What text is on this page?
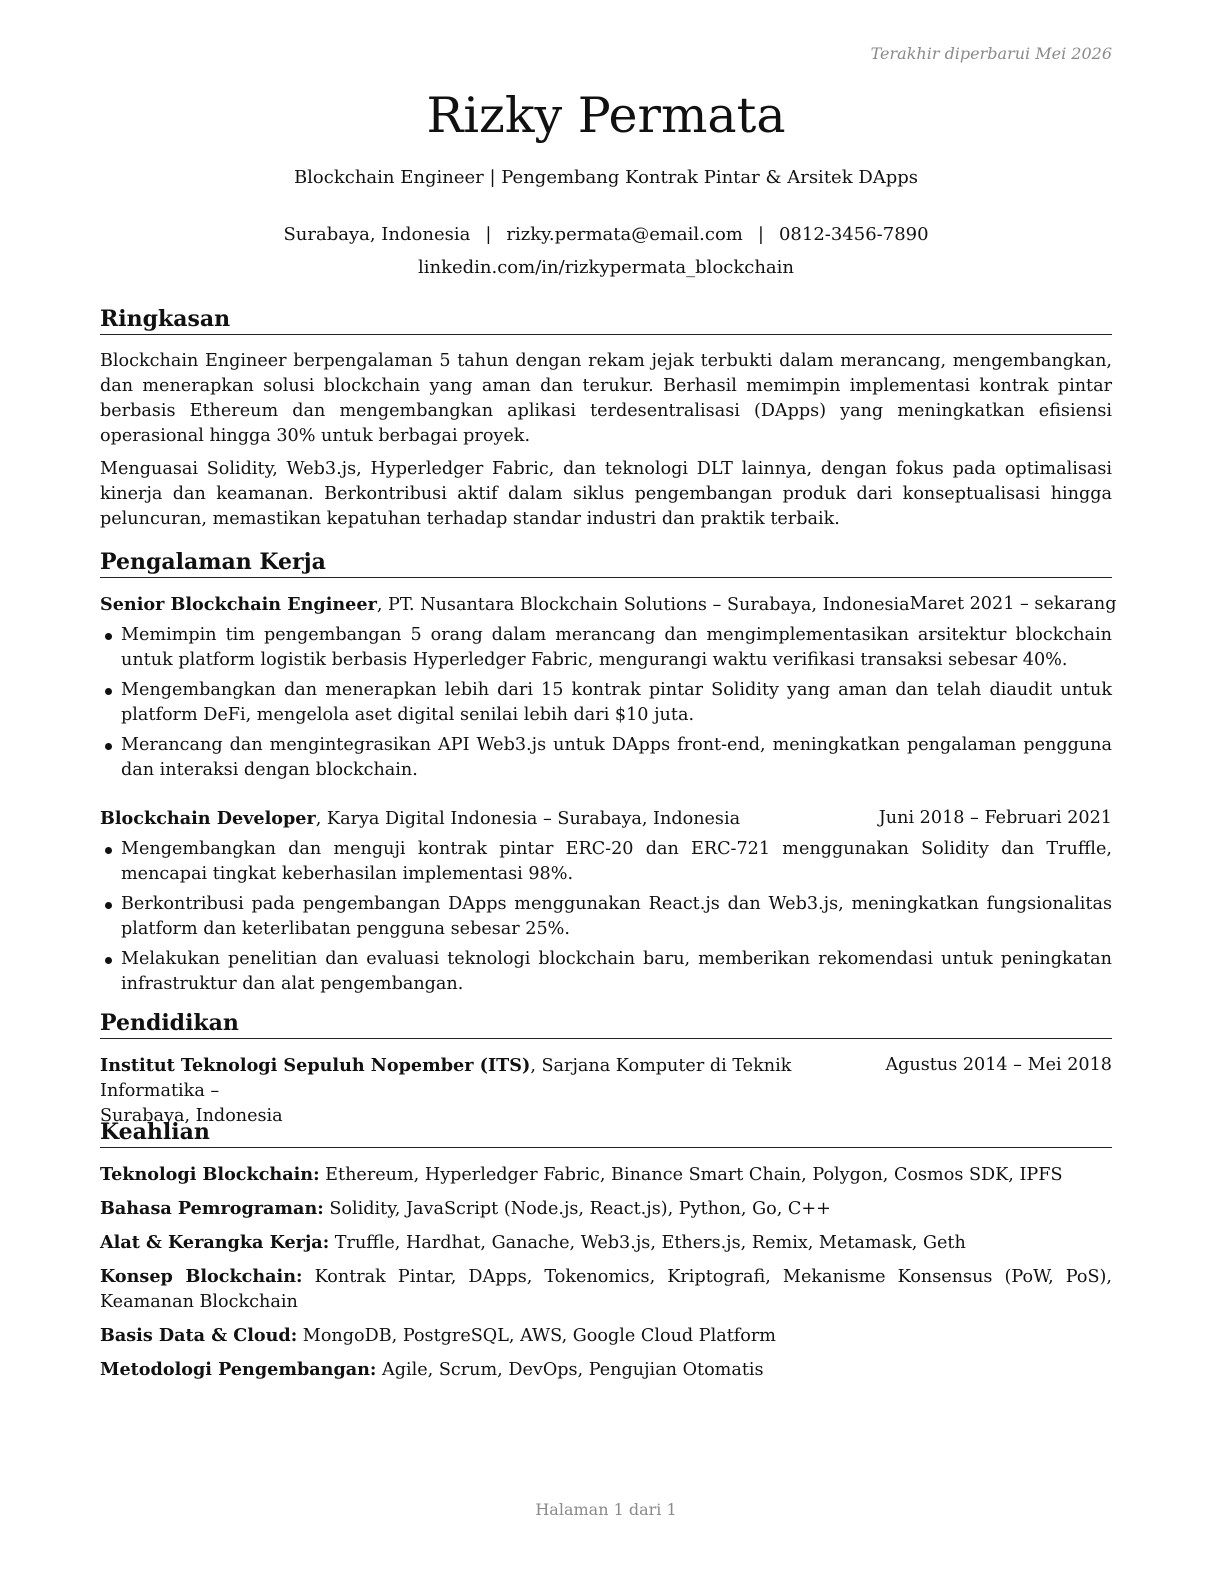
Terakhir diperbarui Mei 2026
Rizky Permata
Blockchain Engineer | Pengembang Kontrak Pintar & Arsitek DApps
Surabaya, Indonesia | rizky.permata@email.com | 0812-3456-7890
linkedin.com/in/rizkypermata_blockchain
Ringkasan

Blockchain Engineer berpengalaman 5 tahun dengan rekam jejak terbukti dalam merancang, mengembangkan, dan menerapkan solusi blockchain yang aman dan terukur. Berhasil memimpin implementasi kontrak pintar berbasis Ethereum dan mengembangkan aplikasi terdesentralisasi (DApps) yang meningkatkan efisiensi operasional hingga 30% untuk berbagai proyek.

Menguasai Solidity, Web3.js, Hyperledger Fabric, dan teknologi DLT lainnya, dengan fokus pada optimalisasi kinerja dan keamanan. Berkontribusi aktif dalam siklus pengembangan produk dari konseptualisasi hingga peluncuran, memastikan kepatuhan terhadap standar industri dan praktik terbaik.

Pengalaman Kerja
Senior Blockchain Engineer, PT. Nusantara Blockchain Solutions – Surabaya, Indonesia Maret 2021 – sekarang
Memimpin tim pengembangan 5 orang dalam merancang dan mengimplementasikan arsitektur blockchain untuk platform logistik berbasis Hyperledger Fabric, mengurangi waktu verifikasi transaksi sebesar 40%.
Mengembangkan dan menerapkan lebih dari 15 kontrak pintar Solidity yang aman dan telah diaudit untuk platform DeFi, mengelola aset digital senilai lebih dari $10 juta.
Merancang dan mengintegrasikan API Web3.js untuk DApps front-end, meningkatkan pengalaman pengguna dan interaksi dengan blockchain.
Blockchain Developer, Karya Digital Indonesia – Surabaya, Indonesia	Juni 2018 – Februari 2021
Mengembangkan dan menguji kontrak pintar ERC-20 dan ERC-721 menggunakan Solidity dan Truffle, mencapai tingkat keberhasilan implementasi 98%.
Berkontribusi pada pengembangan DApps menggunakan React.js dan Web3.js, meningkatkan fungsionalitas platform dan keterlibatan pengguna sebesar 25%.
Melakukan penelitian dan evaluasi teknologi blockchain baru, memberikan rekomendasi untuk peningkatan infrastruktur dan alat pengembangan.
Pendidikan
Institut Teknologi Sepuluh Nopember (ITS), Sarjana Komputer di Teknik Informatika –
Surabaya, Indonesia
Agustus 2014 – Mei 2018
Keahlian
Teknologi Blockchain: Ethereum, Hyperledger Fabric, Binance Smart Chain, Polygon, Cosmos SDK, IPFS
Bahasa Pemrograman: Solidity, JavaScript (Node.js, React.js), Python, Go, C++
Alat & Kerangka Kerja: Truffle, Hardhat, Ganache, Web3.js, Ethers.js, Remix, Metamask, Geth
Konsep Blockchain: Kontrak Pintar, DApps, Tokenomics, Kriptografi, Mekanisme Konsensus (PoW, PoS), Keamanan Blockchain
Basis Data & Cloud: MongoDB, PostgreSQL, AWS, Google Cloud Platform
Metodologi Pengembangan: Agile, Scrum, DevOps, Pengujian Otomatis
Halaman 1 dari 1
